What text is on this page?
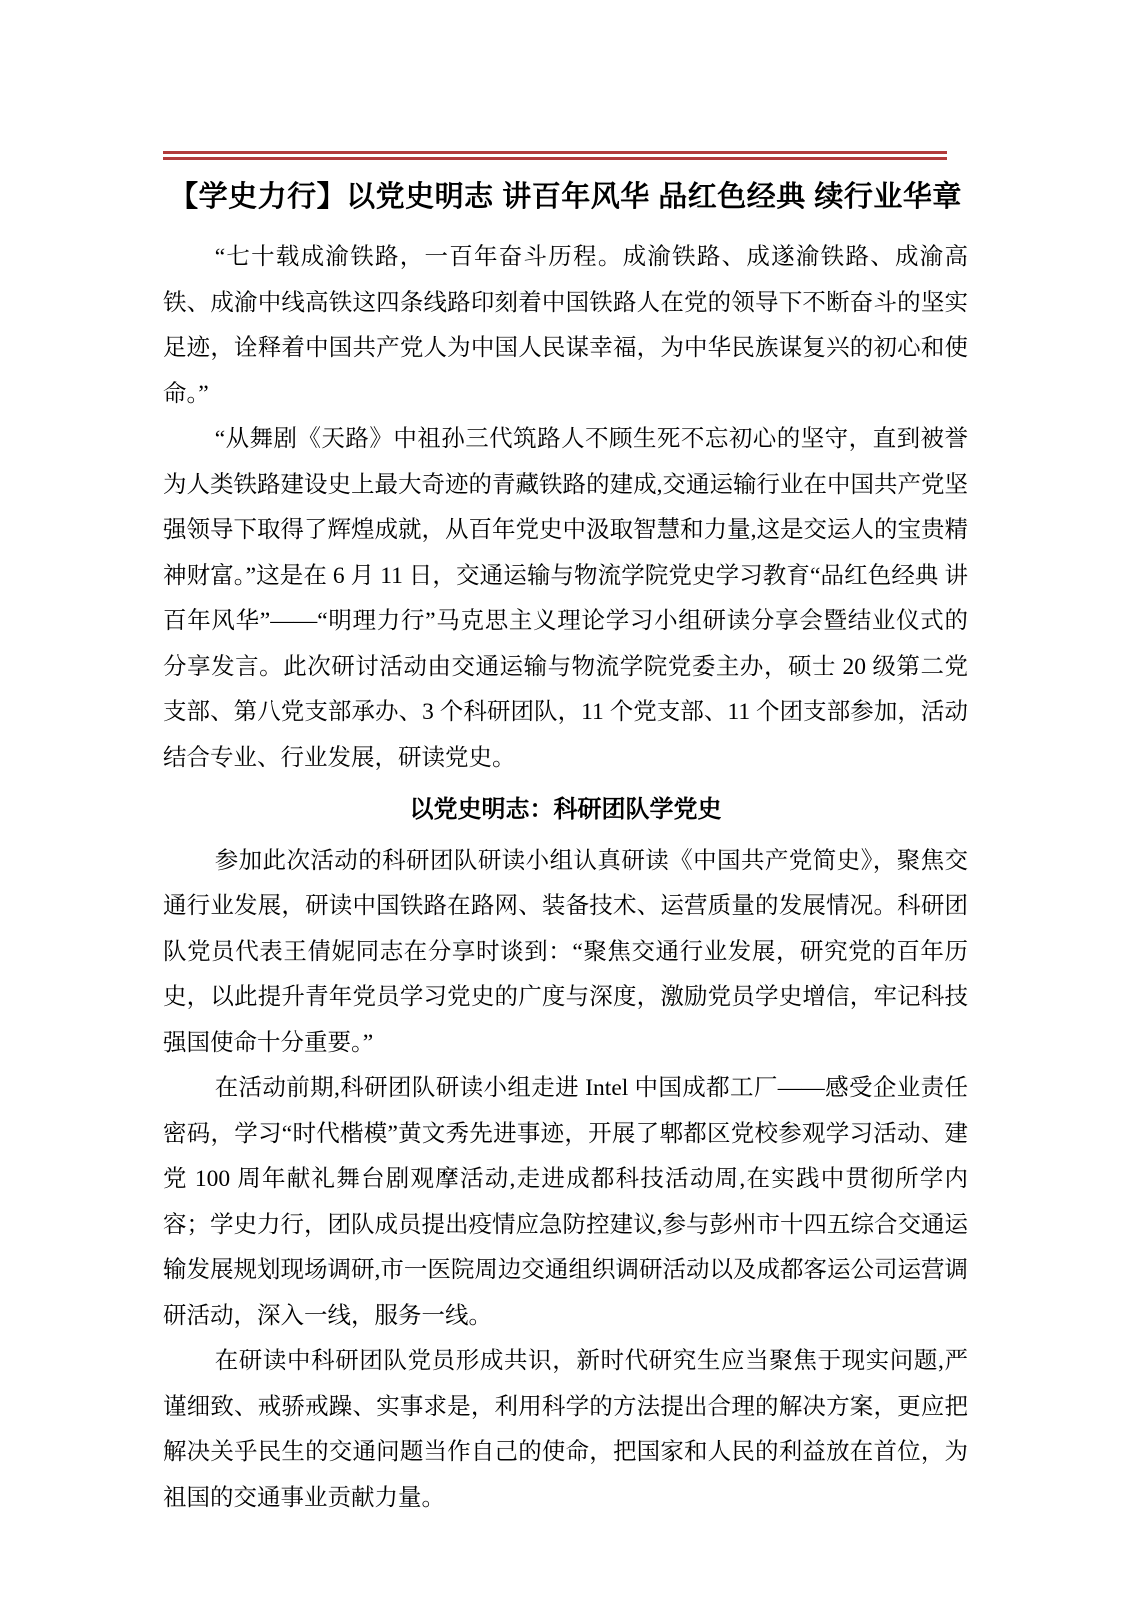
【学史力行】以党史明志 讲百年风华 品红色经典 续行业华章

“七十载成渝铁路，一百年奋斗历程。成渝铁路、成遂渝铁路、成渝高铁、成渝中线高铁这四条线路印刻着中国铁路人在党的领导下不断奋斗的坚实足迹，诠释着中国共产党人为中国人民谋幸福，为中华民族谋复兴的初心和使命。”

“从舞剧《天路》中祖孙三代筑路人不顾生死不忘初心的坚守，直到被誉为人类铁路建设史上最大奇迹的青藏铁路的建成,交通运输行业在中国共产党坚强领导下取得了辉煌成就，从百年党史中汲取智慧和力量,这是交运人的宝贵精神财富。”这是在 6 月 11 日，交通运输与物流学院党史学习教育“品红色经典 讲百年风华”——“明理力行”马克思主义理论学习小组研读分享会暨结业仪式的分享发言。此次研讨活动由交通运输与物流学院党委主办，硕士 20 级第二党支部、第八党支部承办、3 个科研团队，11 个党支部、11 个团支部参加，活动结合专业、行业发展，研读党史。

以党史明志：科研团队学党史

参加此次活动的科研团队研读小组认真研读《中国共产党简史》，聚焦交通行业发展，研读中国铁路在路网、装备技术、运营质量的发展情况。科研团队党员代表王倩妮同志在分享时谈到：“聚焦交通行业发展，研究党的百年历史，以此提升青年党员学习党史的广度与深度，激励党员学史增信，牢记科技强国使命十分重要。”

在活动前期,科研团队研读小组走进 Intel 中国成都工厂——感受企业责任密码，学习“时代楷模”黄文秀先进事迹，开展了郫都区党校参观学习活动、建党 100 周年献礼舞台剧观摩活动,走进成都科技活动周,在实践中贯彻所学内容；学史力行，团队成员提出疫情应急防控建议,参与彭州市十四五综合交通运输发展规划现场调研,市一医院周边交通组织调研活动以及成都客运公司运营调研活动，深入一线，服务一线。

在研读中科研团队党员形成共识，新时代研究生应当聚焦于现实问题,严谨细致、戒骄戒躁、实事求是，利用科学的方法提出合理的解决方案，更应把解决关乎民生的交通问题当作自己的使命，把国家和人民的利益放在首位，为祖国的交通事业贡献力量。
